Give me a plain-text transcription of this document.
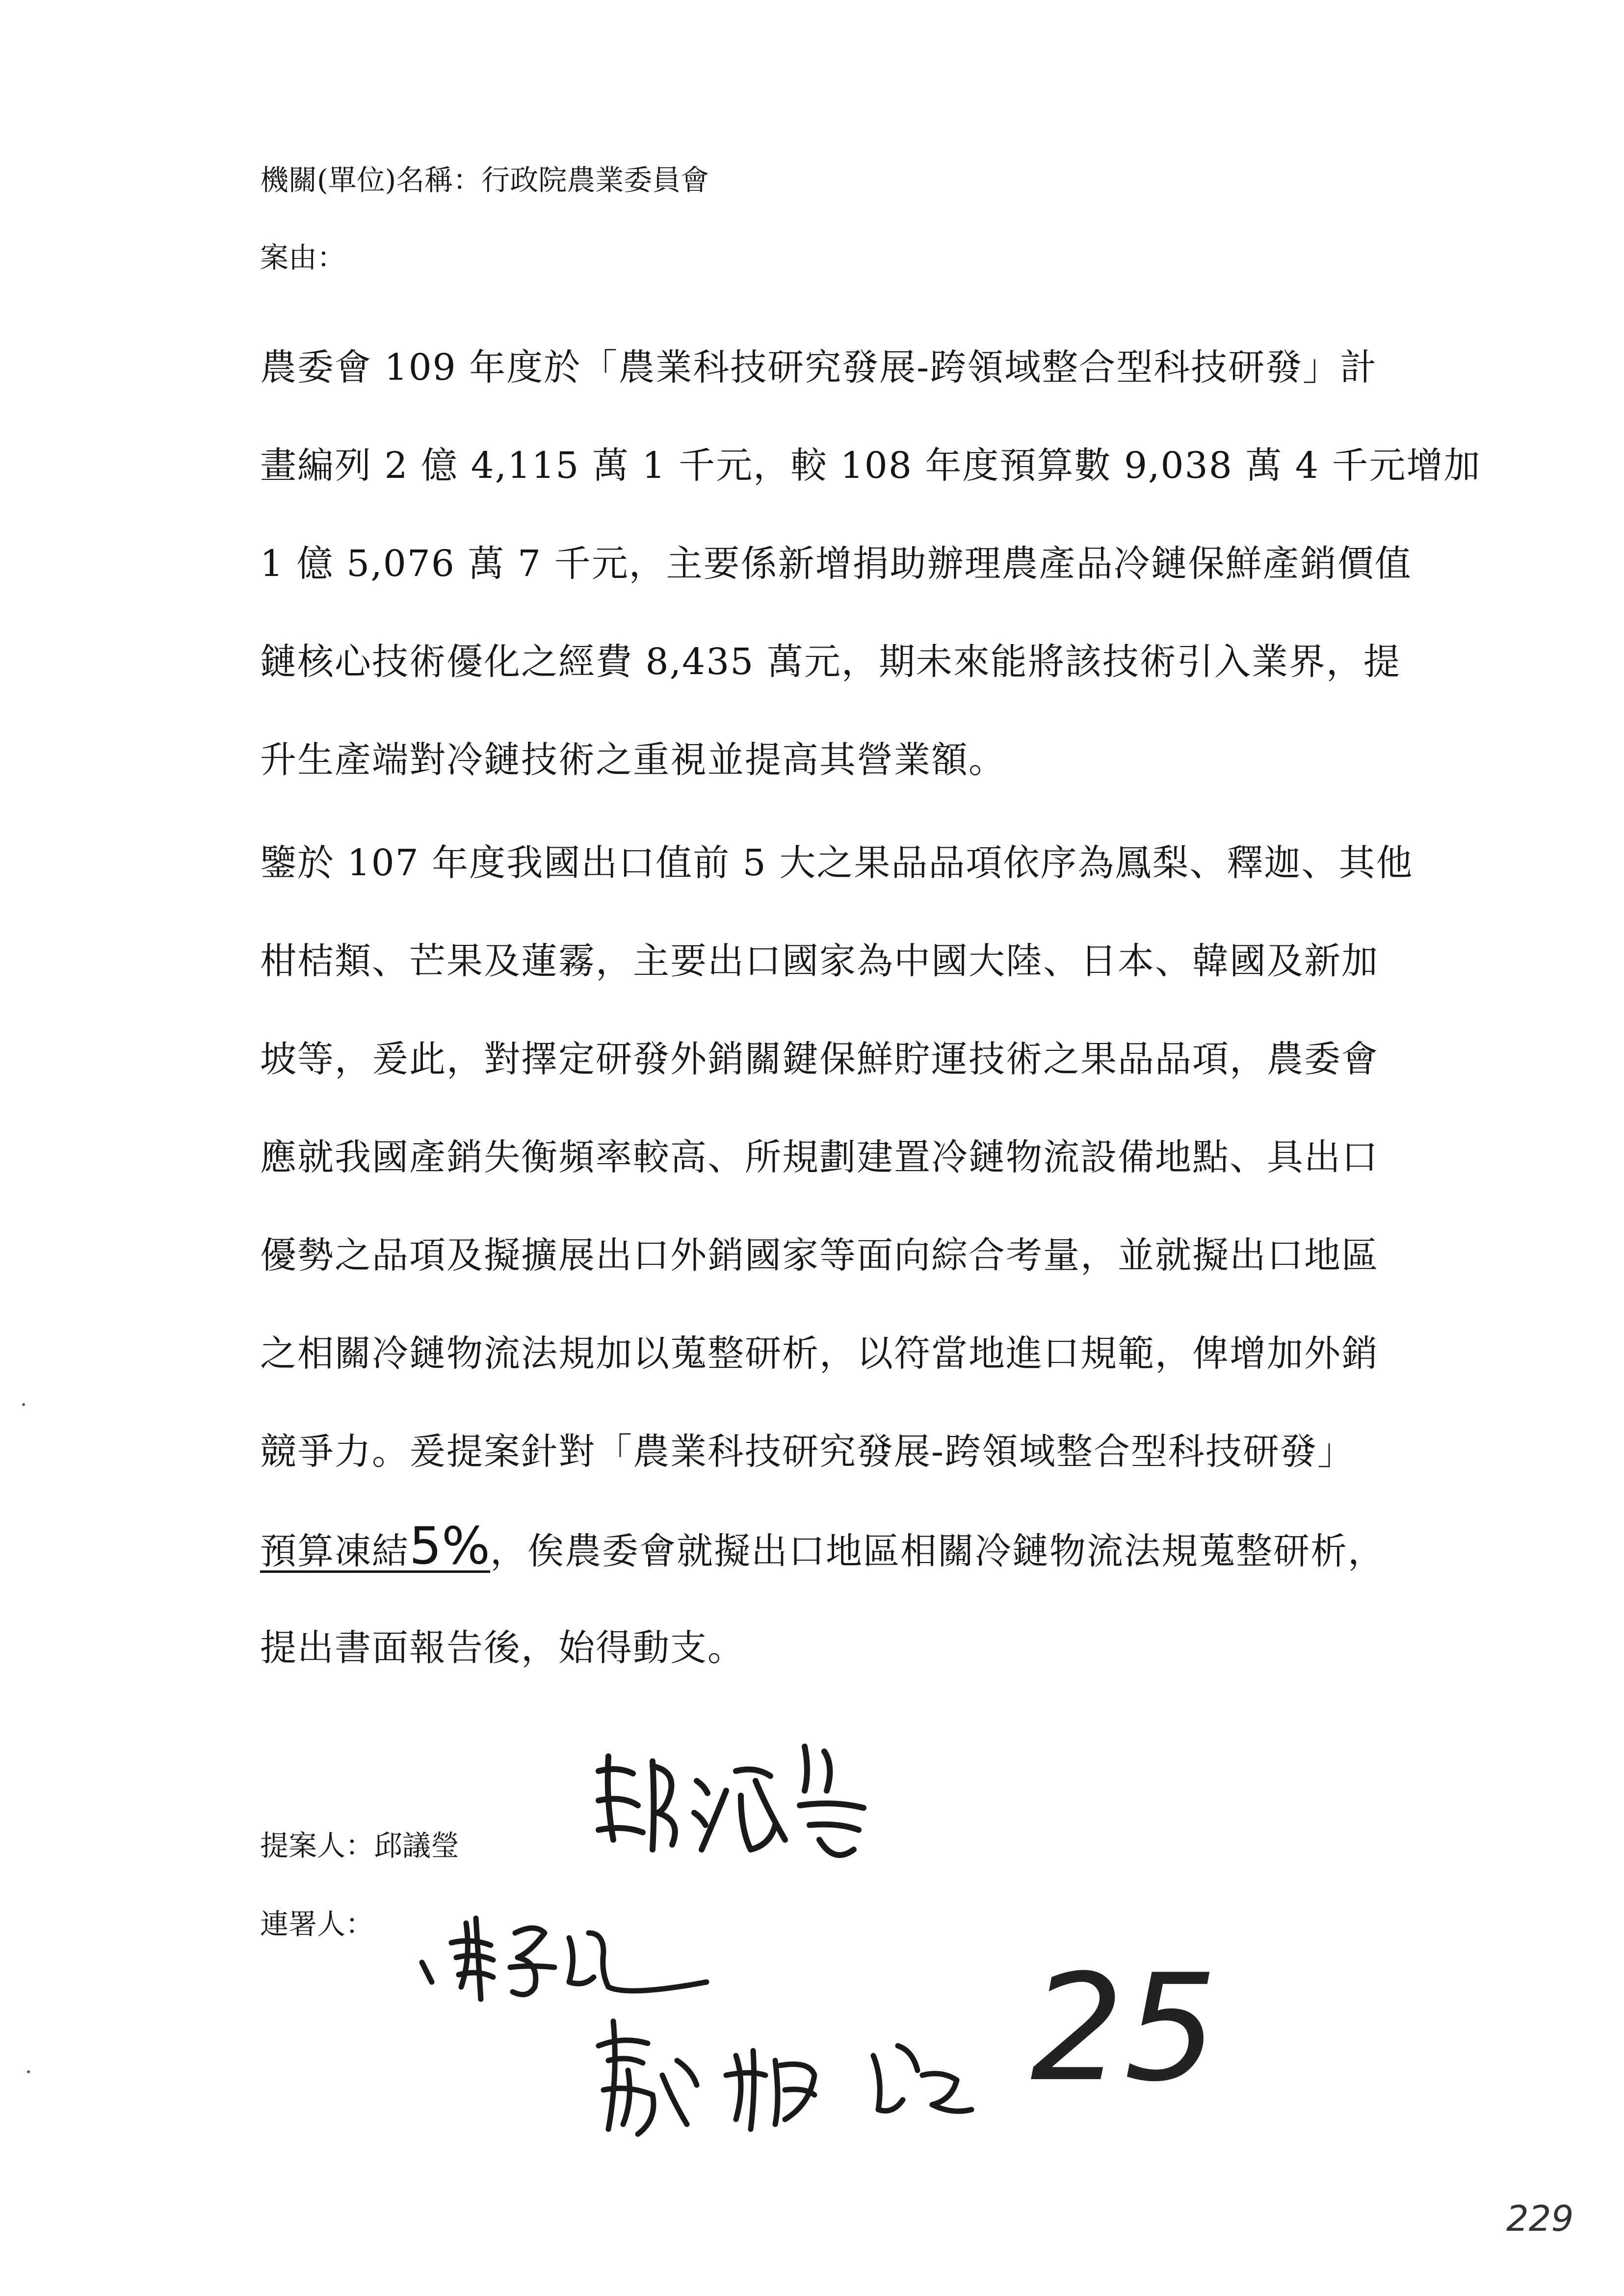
機關(單位)名稱：行政院農業委員會
案由：
農委會 109 年度於「農業科技研究發展-跨領域整合型科技研發」計
畫編列 2 億 4,115 萬 1 千元，較 108 年度預算數 9,038 萬 4 千元增加
1 億 5,076 萬 7 千元，主要係新增捐助辦理農產品冷鏈保鮮產銷價值
鏈核心技術優化之經費 8,435 萬元，期未來能將該技術引入業界，提
升生產端對冷鏈技術之重視並提高其營業額。
鑒於 107 年度我國出口值前 5 大之果品品項依序為鳳梨、釋迦、其他
柑桔類、芒果及蓮霧，主要出口國家為中國大陸、日本、韓國及新加
坡等，爰此，對擇定研發外銷關鍵保鮮貯運技術之果品品項，農委會
應就我國產銷失衡頻率較高、所規劃建置冷鏈物流設備地點、具出口
優勢之品項及擬擴展出口外銷國家等面向綜合考量，並就擬出口地區
之相關冷鏈物流法規加以蒐整研析，以符當地進口規範，俾增加外銷
競爭力。爰提案針對「農業科技研究發展-跨領域整合型科技研發」
預算凍結5%，俟農委會就擬出口地區相關冷鏈物流法規蒐整研析，
提出書面報告後，始得動支。
提案人：邱議瑩
連署人：
25
229
